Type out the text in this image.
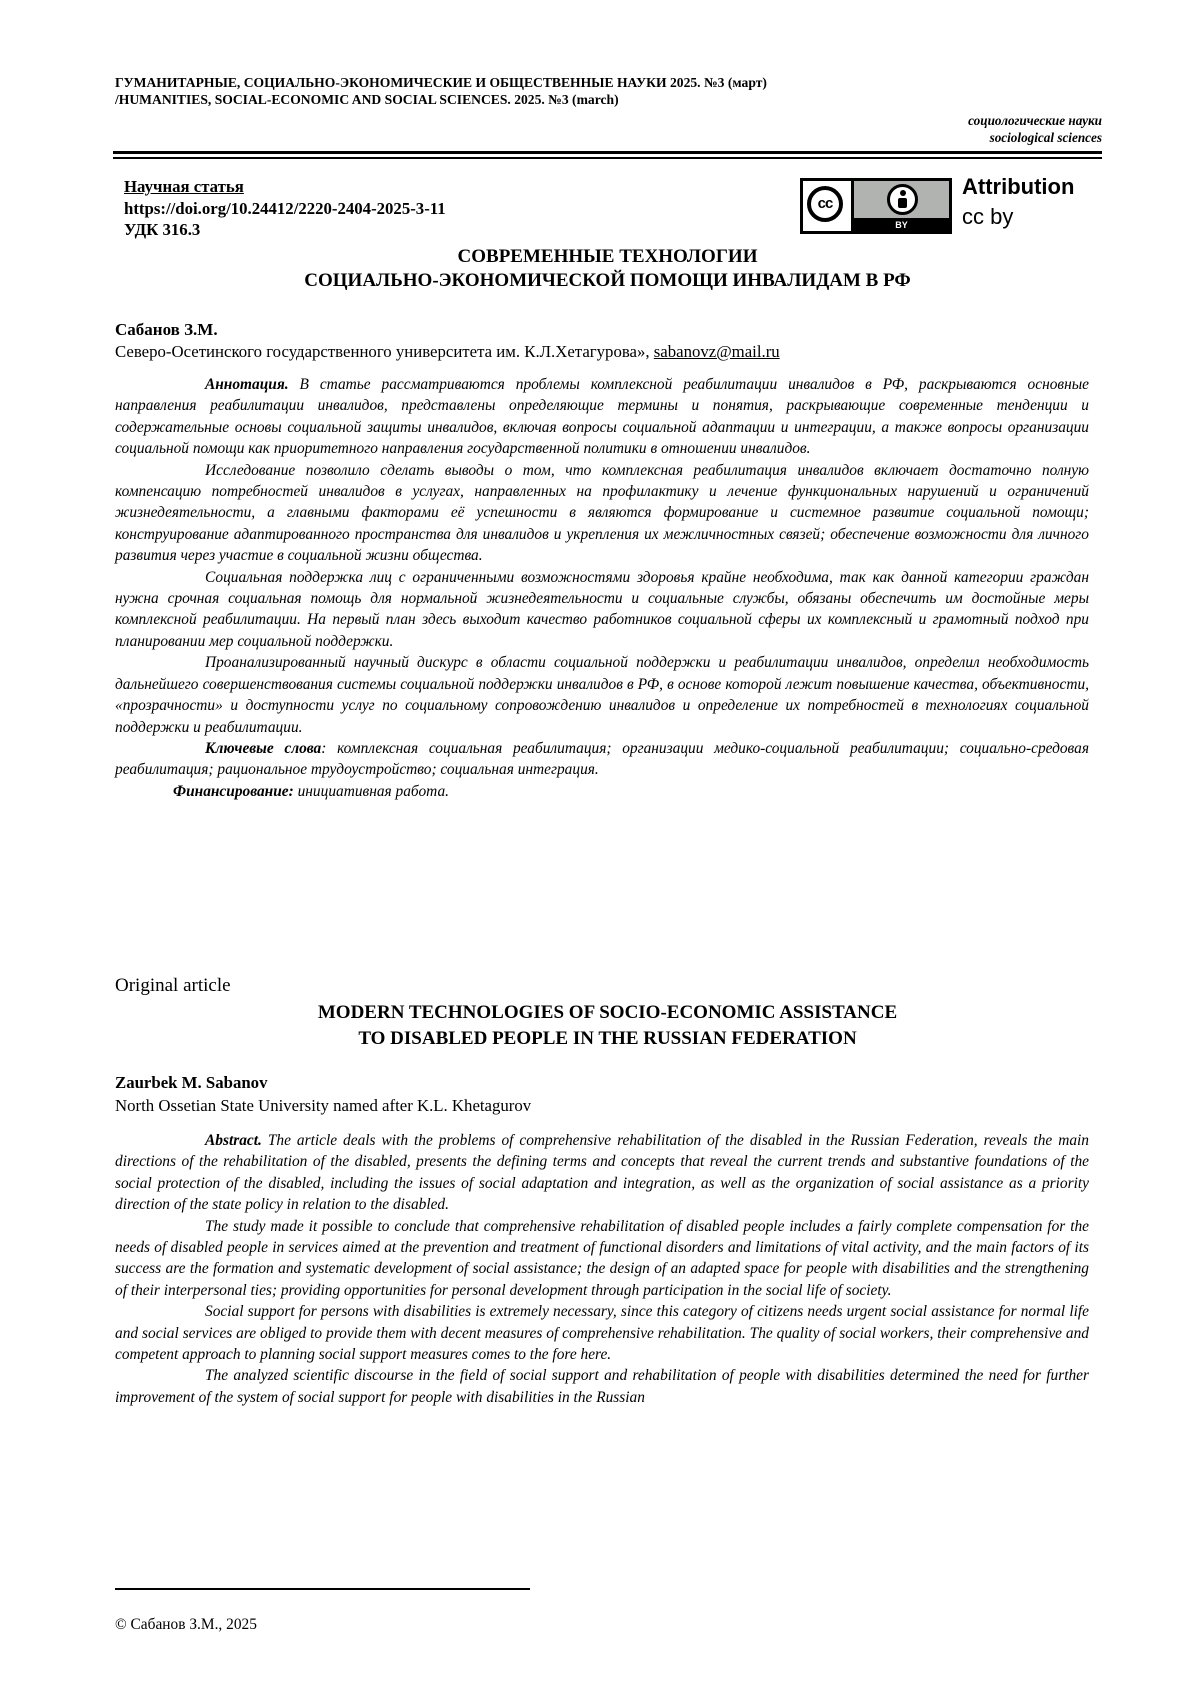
ГУМАНИТАРНЫЕ, СОЦИАЛЬНО-ЭКОНОМИЧЕСКИЕ И ОБЩЕСТВЕННЫЕ НАУКИ 2025. №3 (март)
/HUMANITIES, SOCIAL-ECONOMIC AND SOCIAL SCIENCES. 2025. №3 (march)
социологические науки
sociological sciences
Научная статья
https://doi.org/10.24412/2220-2404-2025-3-11
УДК 316.3
cc
BY
Attribution
cc by
СОВРЕМЕННЫЕ ТЕХНОЛОГИИ
СОЦИАЛЬНО-ЭКОНОМИЧЕСКОЙ ПОМОЩИ ИНВАЛИДАМ В РФ
Сабанов З.М.
Северо-Осетинского государственного университета им. К.Л.Хетагурова», sabanovz@mail.ru

Аннотация. В статье рассматриваются проблемы комплексной реабилитации инвалидов в РФ, раскрываются основные направления реабилитации инвалидов, представлены определяющие термины и понятия, раскрывающие современные тенденции и содержательные основы социальной защиты инвалидов, включая вопросы социальной адаптации и интеграции, а также вопросы организации социальной помощи как приоритетного направления государственной политики в отношении инвалидов.

Исследование позволило сделать выводы о том, что комплексная реабилитация инвалидов включает достаточно полную компенсацию потребностей инвалидов в услугах, направленных на профилактику и лечение функциональных нарушений и ограничений жизнедеятельности, а главными факторами её успешности в являются формирование и системное развитие социальной помощи; конструирование адаптированного пространства для инвалидов и укрепления их межличностных связей; обеспечение возможности для личного развития через участие в социальной жизни общества.

Социальная поддержка лиц с ограниченными возможностями здоровья крайне необходима, так как данной категории граждан нужна срочная социальная помощь для нормальной жизнедеятельности и социальные службы, обязаны обеспечить им достойные меры комплексной реабилитации. На первый план здесь выходит качество работников социальной сферы их комплексный и грамотный подход при планировании мер социальной поддержки.

Проанализированный научный дискурс в области социальной поддержки и реабилитации инвалидов, определил необходимость дальнейшего совершенствования системы социальной поддержки инвалидов в РФ, в основе которой лежит повышение качества, объективности, «прозрачности» и доступности услуг по социальному сопровождению инвалидов и определение их потребностей в технологиях социальной поддержки и реабилитации.

Ключевые слова: комплексная социальная реабилитация; организации медико-социальной реабилитации; социально-средовая реабилитация; рациональное трудоустройство; социальная интеграция.

Финансирование: инициативная работа.

Original article
MODERN TECHNOLOGIES OF SOCIO-ECONOMIC ASSISTANCE
TO DISABLED PEOPLE IN THE RUSSIAN FEDERATION
Zaurbek M. Sabanov
North Ossetian State University named after K.L. Khetagurov

Abstract. The article deals with the problems of comprehensive rehabilitation of the disabled in the Russian Federation, reveals the main directions of the rehabilitation of the disabled, presents the defining terms and concepts that reveal the current trends and substantive foundations of the social protection of the disabled, including the issues of social adaptation and integration, as well as the organization of social assistance as a priority direction of the state policy in relation to the disabled.

The study made it possible to conclude that comprehensive rehabilitation of disabled people includes a fairly complete compensation for the needs of disabled people in services aimed at the prevention and treatment of functional disorders and limitations of vital activity, and the main factors of its success are the formation and systematic development of social assistance; the design of an adapted space for people with disabilities and the strengthening of their interpersonal ties; providing opportunities for personal development through participation in the social life of society.

Social support for persons with disabilities is extremely necessary, since this category of citizens needs urgent social assistance for normal life and social services are obliged to provide them with decent measures of comprehensive rehabilitation. The quality of social workers, their comprehensive and competent approach to planning social support measures comes to the fore here.

The analyzed scientific discourse in the field of social support and rehabilitation of people with disabilities determined the need for further improvement of the system of social support for people with disabilities in the Russian

© Сабанов З.М., 2025
